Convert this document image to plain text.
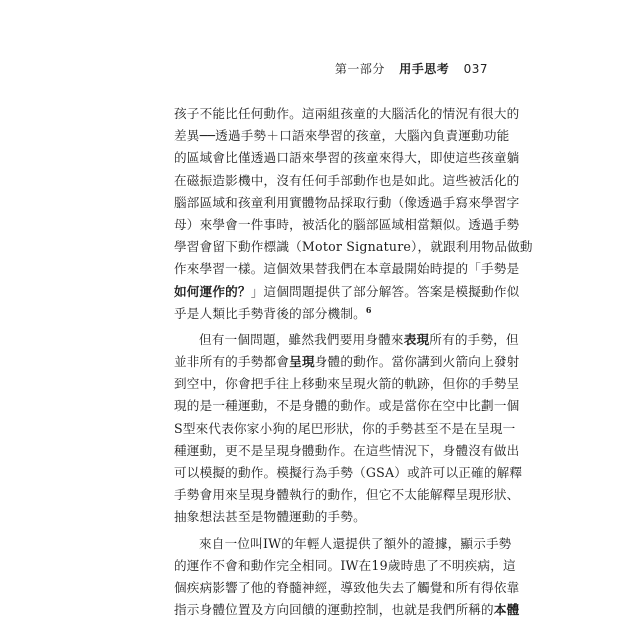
第一部分 用手思考 037
孩子不能比任何動作。這兩組孩童的大腦活化的情況有很大的
差異──透過手勢＋口語來學習的孩童，大腦內負責運動功能
的區域會比僅透過口語來學習的孩童來得大，即使這些孩童躺
在磁振造影機中，沒有任何手部動作也是如此。這些被活化的
腦部區域和孩童利用實體物品採取行動（像透過手寫來學習字
母）來學會一件事時，被活化的腦部區域相當類似。透過手勢
學習會留下動作標識（Motor Signature），就跟利用物品做動
作來學習一樣。這個效果替我們在本章最開始時提的「手勢是
如何運作的？」這個問題提供了部分解答。答案是模擬動作似
乎是人類比手勢背後的部分機制。$^6$
但有一個問題，雖然我們要用身體來表現所有的手勢，但
並非所有的手勢都會呈現身體的動作。當你講到火箭向上發射
到空中，你會把手往上移動來呈現火箭的軌跡，但你的手勢呈
現的是一種運動，不是身體的動作。或是當你在空中比劃一個
S型來代表你家小狗的尾巴形狀，你的手勢甚至不是在呈現一
種運動，更不是呈現身體動作。在這些情況下，身體沒有做出
可以模擬的動作。模擬行為手勢（GSA）或許可以正確的解釋
手勢會用來呈現身體執行的動作，但它不太能解釋呈現形狀、
抽象想法甚至是物體運動的手勢。
來自一位叫IW的年輕人還提供了額外的證據，顯示手勢
的運作不會和動作完全相同。IW在19歲時患了不明疾病，這
個疾病影響了他的脊髓神經，導致他失去了觸覺和所有得依靠
指示身體位置及方向回饋的運動控制，也就是我們所稱的本體
